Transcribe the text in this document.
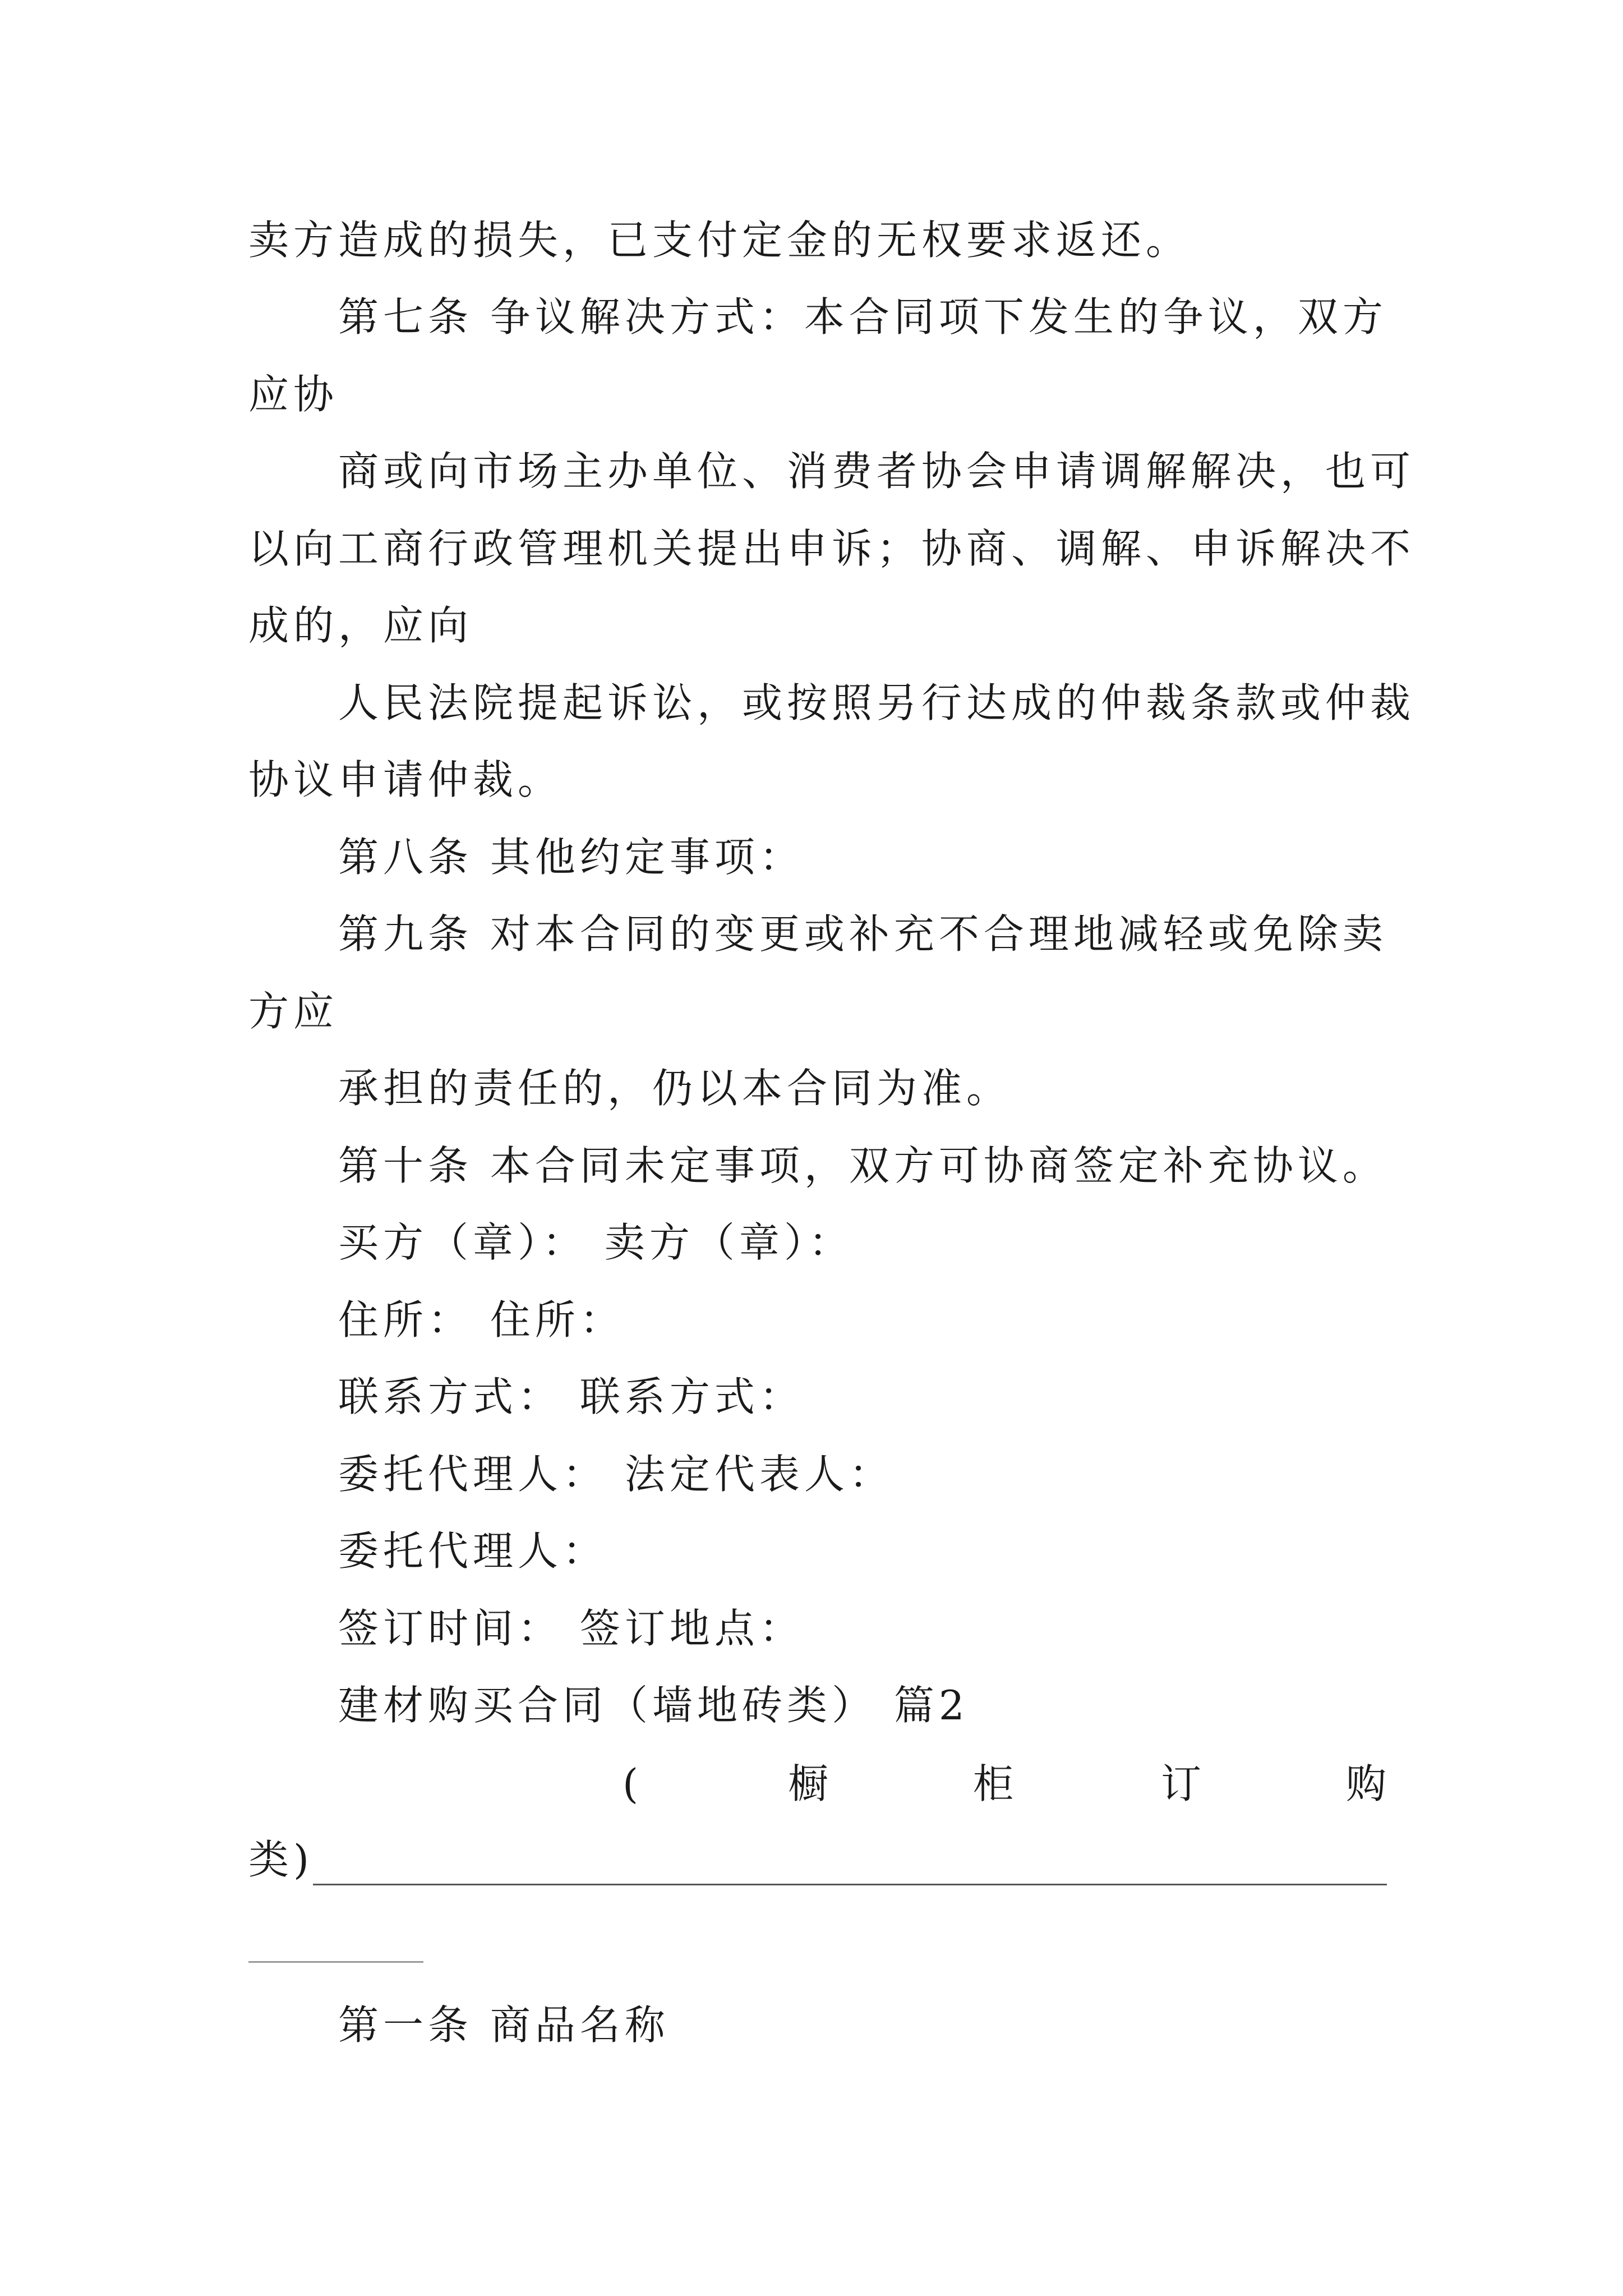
卖方造成的损失，已支付定金的无权要求返还。
第七条 争议解决方式：本合同项下发生的争议，双方
应协
商或向市场主办单位、消费者协会申请调解解决，也可
以向工商行政管理机关提出申诉；协商、调解、申诉解决不
成的，应向
人民法院提起诉讼，或按照另行达成的仲裁条款或仲裁
协议申请仲裁。
第八条 其他约定事项：
第九条 对本合同的变更或补充不合理地减轻或免除卖
方应
承担的责任的，仍以本合同为准。
第十条 本合同未定事项，双方可协商签定补充协议。
买方（章）： 卖方（章）：
住所： 住所：
联系方式： 联系方式：
委托代理人： 法定代表人：
委托代理人：
签订时间： 签订地点：
建材购买合同（墙地砖类） 篇2
(	橱	柜	订	购
类)
第一条 商品名称
